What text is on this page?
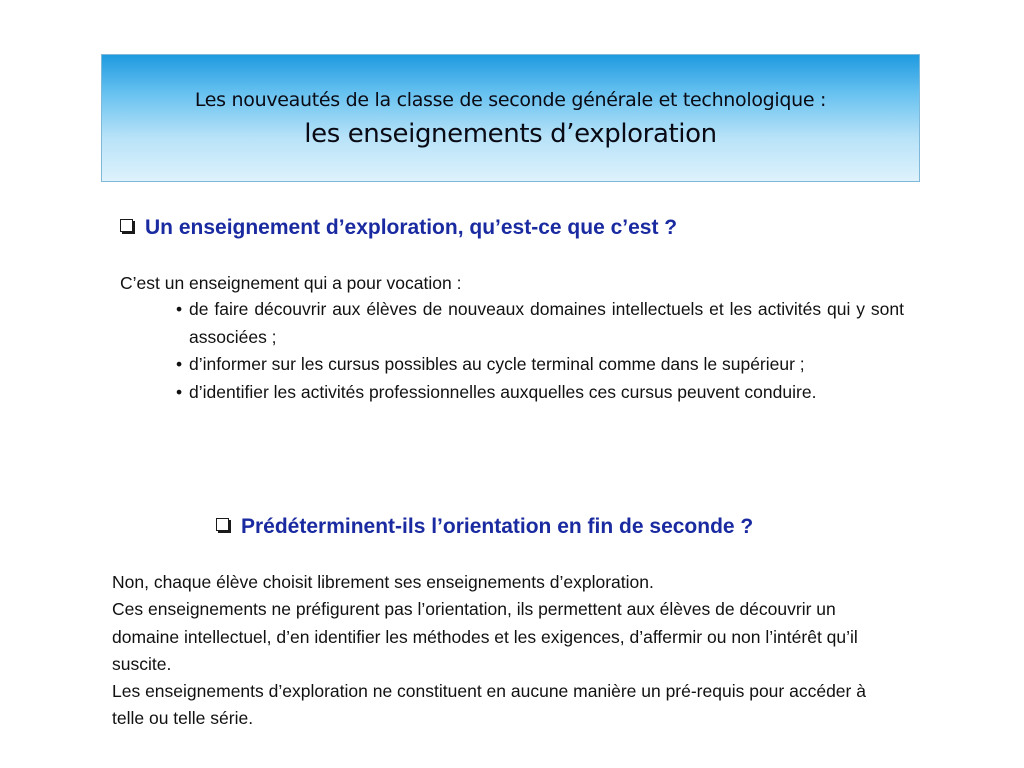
Les nouveautés de la classe de seconde générale et technologique :
les enseignements d’exploration
Un enseignement d’exploration, qu’est-ce que c’est ?
C’est un enseignement qui a pour vocation :
• de faire découvrir aux élèves de nouveaux domaines intellectuels et les activités qui y sont associées ;
• d’informer sur les cursus possibles au cycle terminal comme dans le supérieur ;
• d’identifier les activités professionnelles auxquelles ces cursus peuvent conduire.
Prédéterminent-ils l’orientation en fin de seconde ?

Non, chaque élève choisit librement ses enseignements d’exploration.

Ces enseignements ne préfigurent pas l’orientation, ils permettent aux élèves de découvrir un domaine intellectuel, d’en identifier les méthodes et les exigences, d’affermir ou non l’intérêt qu’il suscite.

Les enseignements d’exploration ne constituent en aucune manière un pré-requis pour accéder à telle ou telle série.
